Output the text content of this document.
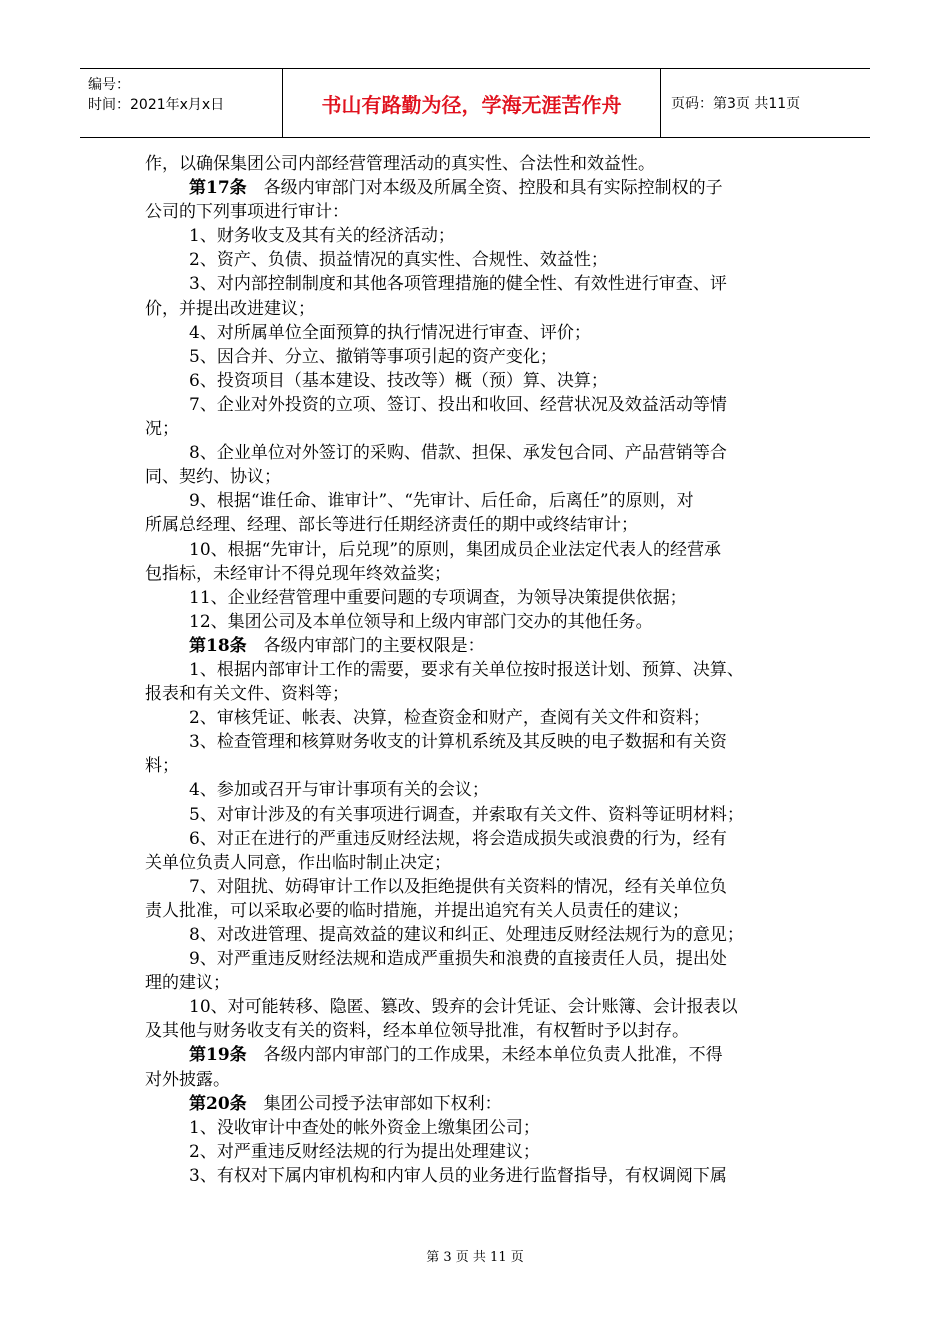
编号：
时间：2021年x月x日	书山有路勤为径，学海无涯苦作舟	页码：第3页 共11页
作，以确保集团公司内部经营管理活动的真实性、合法性和效益性。
第17条　各级内审部门对本级及所属全资、控股和具有实际控制权的子
公司的下列事项进行审计：
1、财务收支及其有关的经济活动；
2、资产、负债、损益情况的真实性、合规性、效益性；
3、对内部控制制度和其他各项管理措施的健全性、有效性进行审查、评
价，并提出改进建议；
4、对所属单位全面预算的执行情况进行审查、评价；
5、因合并、分立、撤销等事项引起的资产变化；
6、投资项目（基本建设、技改等）概（预）算、决算；
7、企业对外投资的立项、签订、投出和收回、经营状况及效益活动等情
况；
8、企业单位对外签订的采购、借款、担保、承发包合同、产品营销等合
同、契约、协议；
9、根据“谁任命、谁审计”、“先审计、后任命，后离任”的原则，对
所属总经理、经理、部长等进行任期经济责任的期中或终结审计；
10、根据“先审计，后兑现”的原则，集团成员企业法定代表人的经营承
包指标，未经审计不得兑现年终效益奖；
11、企业经营管理中重要问题的专项调查，为领导决策提供依据；
12、集团公司及本单位领导和上级内审部门交办的其他任务。
第18条　各级内审部门的主要权限是：
1、根据内部审计工作的需要，要求有关单位按时报送计划、预算、决算、
报表和有关文件、资料等；
2、审核凭证、帐表、决算，检查资金和财产，查阅有关文件和资料；
3、检查管理和核算财务收支的计算机系统及其反映的电子数据和有关资
料；
4、参加或召开与审计事项有关的会议；
5、对审计涉及的有关事项进行调查，并索取有关文件、资料等证明材料；
6、对正在进行的严重违反财经法规，将会造成损失或浪费的行为，经有
关单位负责人同意，作出临时制止决定；
7、对阻扰、妨碍审计工作以及拒绝提供有关资料的情况，经有关单位负
责人批准，可以采取必要的临时措施，并提出追究有关人员责任的建议；
8、对改进管理、提高效益的建议和纠正、处理违反财经法规行为的意见；
9、对严重违反财经法规和造成严重损失和浪费的直接责任人员，提出处
理的建议；
10、对可能转移、隐匿、篡改、毁弃的会计凭证、会计账簿、会计报表以
及其他与财务收支有关的资料，经本单位领导批准，有权暂时予以封存。
第19条　各级内部内审部门的工作成果，未经本单位负责人批准，不得
对外披露。
第20条　集团公司授予法审部如下权利：
1、没收审计中查处的帐外资金上缴集团公司；
2、对严重违反财经法规的行为提出处理建议；
3、有权对下属内审机构和内审人员的业务进行监督指导，有权调阅下属
第 3 页 共 11 页
